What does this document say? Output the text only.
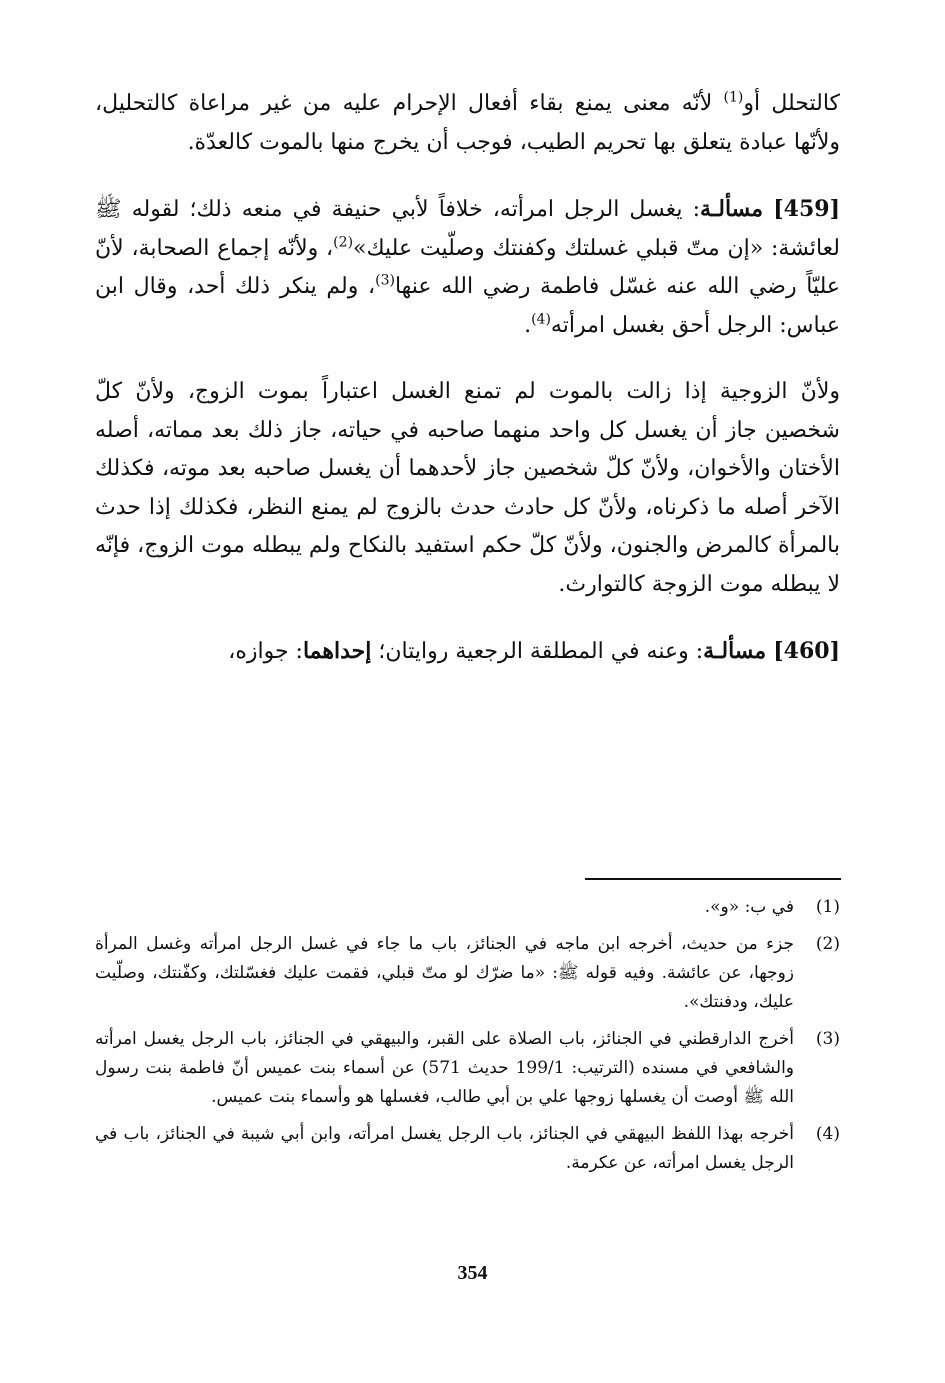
كالتحلل أو$^{(1)}$ لأنّه معنى يمنع بقاء أفعال الإحرام عليه من غير مراعاة كالتحليل، ولأنّها عبادة يتعلق بها تحريم الطيب، فوجب أن يخرج منها بالموت كالعدّة.

[459] مسألـة: يغسل الرجل امرأته، خلافاً لأبي حنيفة في منعه ذلك؛ لقوله ﷺ لعائشة: «إن متّ قبلي غسلتك وكفنتك وصلّيت عليك»$^{(2)}$، ولأنّه إجماع الصحابة، لأنّ عليّاً رضي الله عنه غسّل فاطمة رضي الله عنها$^{(3)}$، ولم ينكر ذلك أحد، وقال ابن عباس: الرجل أحق بغسل امرأته$^{(4)}$.

ولأنّ الزوجية إذا زالت بالموت لم تمنع الغسل اعتباراً بموت الزوج، ولأنّ كلّ شخصين جاز أن يغسل كل واحد منهما صاحبه في حياته، جاز ذلك بعد مماته، أصله الأختان والأخوان، ولأنّ كلّ شخصين جاز لأحدهما أن يغسل صاحبه بعد موته، فكذلك الآخر أصله ما ذكرناه، ولأنّ كل حادث حدث بالزوج لم يمنع النظر، فكذلك إذا حدث بالمرأة كالمرض والجنون، ولأنّ كلّ حكم استفيد بالنكاح ولم يبطله موت الزوج، فإنّه لا يبطله موت الزوجة كالتوارث.

[460] مسألـة: وعنه في المطلقة الرجعية روايتان؛ إحداهما: جوازه،

(1)
في ب: «و».

(2)
جزء من حديث، أخرجه ابن ماجه في الجنائز، باب ما جاء في غسل الرجل امرأته وغسل المرأة زوجها، عن عائشة. وفيه قوله ﷺ: «ما ضرّك لو متّ قبلي، فقمت عليك فغسّلتك، وكفّنتك، وصلّيت عليك، ودفنتك».

(3)
أخرج الدارقطني في الجنائز، باب الصلاة على القبر، والبيهقي في الجنائز، باب الرجل يغسل امرأته والشافعي في مسنده (الترتيب: 199/1 حديث 571) عن أسماء بنت عميس أنّ فاطمة بنت رسول الله ﷺ أوصت أن يغسلها زوجها علي بن أبي طالب، فغسلها هو وأسماء بنت عميس.

(4)
أخرجه بهذا اللفظ البيهقي في الجنائز، باب الرجل يغسل امرأته، وابن أبي شيبة في الجنائز، باب في الرجل يغسل امرأته، عن عكرمة.

354
